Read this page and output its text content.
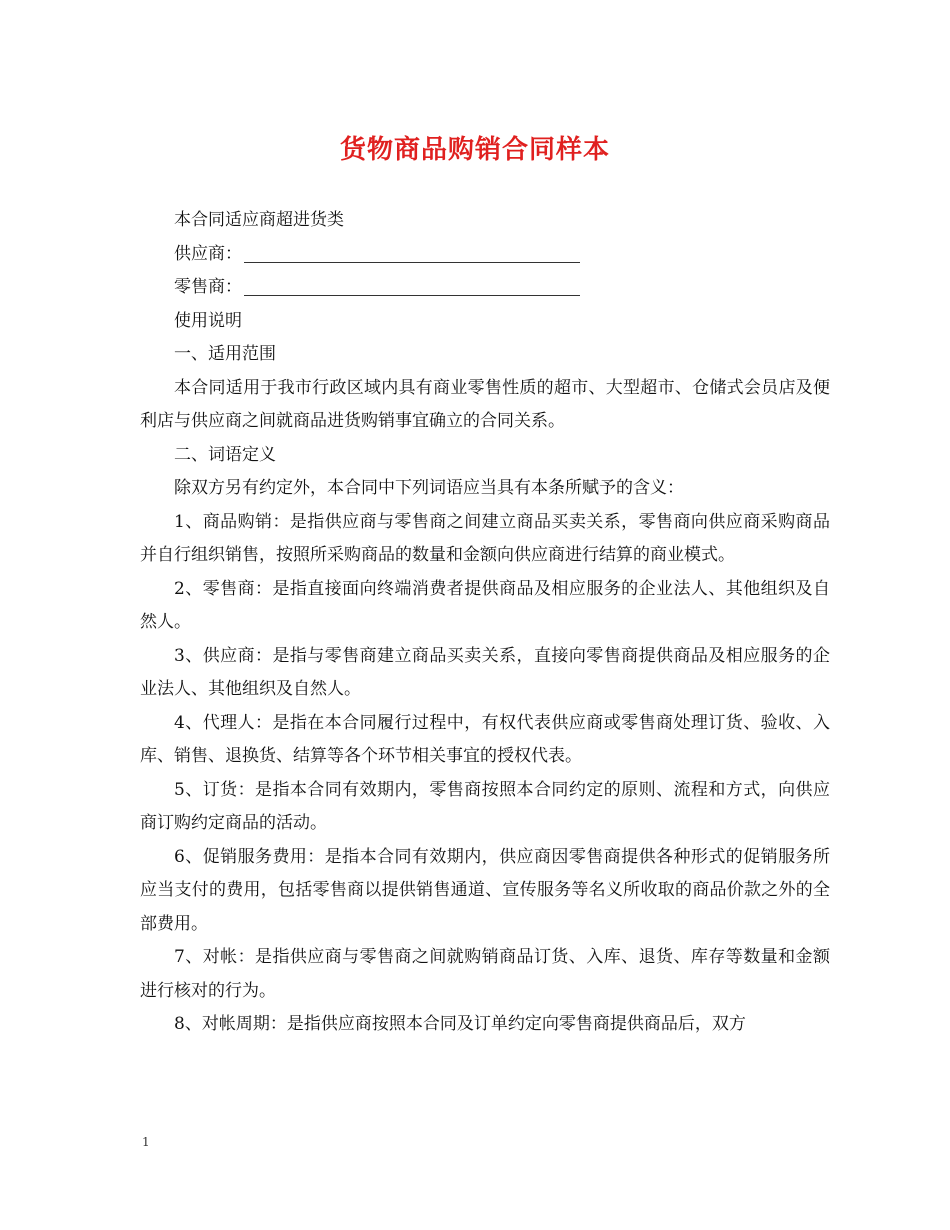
货物商品购销合同样本

本合同适应商超进货类

供应商：

零售商：

使用说明

一、适用范围

本合同适用于我市行政区域内具有商业零售性质的超市、大型超市、仓储式会员店及便利店与供应商之间就商品进货购销事宜确立的合同关系。

二、词语定义

除双方另有约定外，本合同中下列词语应当具有本条所赋予的含义：

1、商品购销：是指供应商与零售商之间建立商品买卖关系，零售商向供应商采购商品并自行组织销售，按照所采购商品的数量和金额向供应商进行结算的商业模式。

2、零售商：是指直接面向终端消费者提供商品及相应服务的企业法人、其他组织及自然人。

3、供应商：是指与零售商建立商品买卖关系，直接向零售商提供商品及相应服务的企业法人、其他组织及自然人。

4、代理人：是指在本合同履行过程中，有权代表供应商或零售商处理订货、验收、入库、销售、退换货、结算等各个环节相关事宜的授权代表。

5、订货：是指本合同有效期内，零售商按照本合同约定的原则、流程和方式，向供应商订购约定商品的活动。

6、促销服务费用：是指本合同有效期内，供应商因零售商提供各种形式的促销服务所应当支付的费用，包括零售商以提供销售通道、宣传服务等名义所收取的商品价款之外的全部费用。

7、对帐：是指供应商与零售商之间就购销商品订货、入库、退货、库存等数量和金额进行核对的行为。

8、对帐周期：是指供应商按照本合同及订单约定向零售商提供商品后，双方

1
